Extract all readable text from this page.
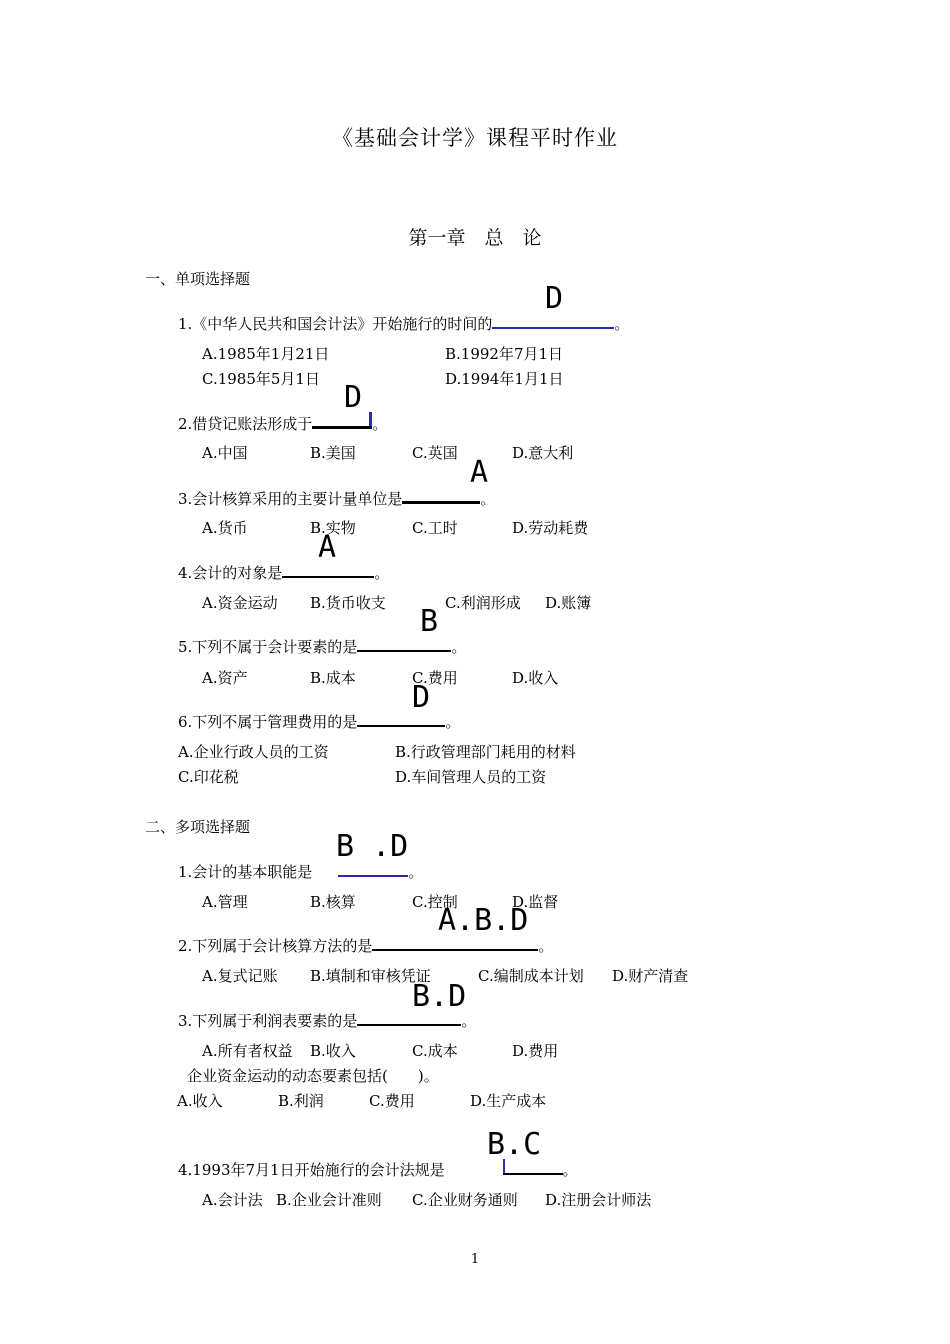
《基础会计学》课程平时作业
第一章　总　论
一、单项选择题
1.《中华人民共和国会计法》开始施行的时间的	。
D
A.1985年1月21日	B.1992年7月1日
C.1985年5月1日	D.1994年1月1日
2.借贷记账法形成于	。
D
A.中国	B.美国	C.英国	D.意大利
3.会计核算采用的主要计量单位是	。
A
A.货币	B.实物	C.工时	D.劳动耗费
4.会计的对象是	。
A
A.资金运动 B.货币收支	C.利润形成 D.账簿
5.下列不属于会计要素的是	。
B
A.资产	B.成本	C.费用	D.收入
6.下列不属于管理费用的是	。
D
A.企业行政人员的工资	B.行政管理部门耗用的材料
C.印花税	D.车间管理人员的工资
二、多项选择题
1.会计的基本职能是	。
B .D
A.管理	B.核算	C.控制	D.监督
2.下列属于会计核算方法的是	。
A.B.D
A.复式记账 B.填制和审核凭证	C.编制成本计划 D.财产清查
3.下列属于利润表要素的是	。
B.D
A.所有者权益 B.收入	C.成本	D.费用
企业资金运动的动态要素包括(　　)。
A.收入	B.利润	C.费用	D.生产成本
4.1993年7月1日开始施行的会计法规是	。
B.C
A.会计法 B.企业会计准则 C.企业财务通则 D.注册会计师法
1
